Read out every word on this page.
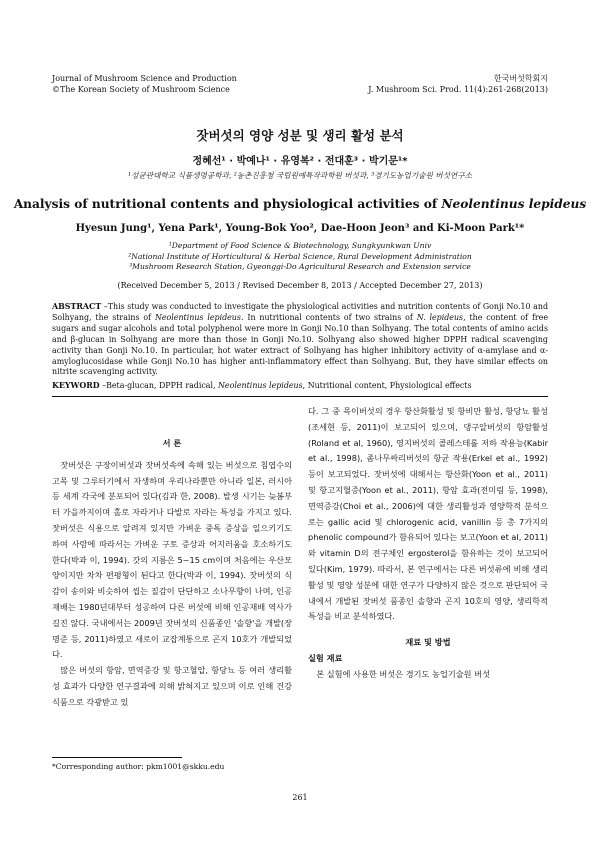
Journal of Mushroom Science and Production
©The Korean Society of Mushroom Science
한국버섯학회지
J. Mushroom Sci. Prod. 11(4):261-268(2013)
잣버섯의 영양 성분 및 생리 활성 분석
정혜선¹ · 박예나¹ · 유영복² · 전대훈³ · 박기문¹*
¹성균관대학교 식품생명공학과, ²농촌진흥청 국립원예특작과학원 버섯과, ³경기도농업기술원 버섯연구소
Analysis of nutritional contents and physiological activities of Neolentinus lepideus
Hyesun Jung¹, Yena Park¹, Young-Bok Yoo², Dae-Hoon Jeon³ and Ki-Moon Park¹*
¹Department of Food Science & Biotechnology, Sungkyunkwan Univ
²National Institute of Horticultural & Herbal Science, Rural Development Administration
³Mushroom Research Station, Gyeonggi-Do Agricultural Research and Extension service
(Received December 5, 2013 / Revised December 8, 2013 / Accepted December 27, 2013)
ABSTRACT –This study was conducted to investigate the physiological activities and nutrition contents of Gonji No.10 and Solhyang, the strains of Neolentinus lepideus. In nutritional contents of two strains of N. lepideus, the content of free sugars and sugar alcohols and total polyphenol were more in Gonji No.10 than Solhyang. The total contents of amino acids and β-glucan in Solhyang are more than those in Gonji No.10. Solhyang also showed higher DPPH radical scavenging activity than Gonji No.10. In particular, hot water extract of Solhyang has higher inhibitory activity of α-amylase and α-amyloglucosidase while Gonji No.10 has higher anti-inflammatory effect than Solhyang. But, they have similar effects on nitrite scavenging activity.
KEYWORD –Beta-glucan, DPPH radical, Neolentinus lepideus, Nutritional content, Physiological effects

서 론

잣버섯은 구장이버섯과 잣버섯속에 속해 있는 버섯으로 침엽수의 고목 및 그루터기에서 자생하며 우리나라뿐만 아니라 일본, 러시아 등 세계 각국에 분포되어 있다(김과 한, 2008). 발생 시기는 늦봄부터 가을까지이며 홀로 자라거나 다발로 자라는 특성을 가지고 있다. 잣버섯은 식용으로 알려져 있지만 가벼운 중독 증상을 일으키기도 하여 사람에 따라서는 가벼운 구토 증상과 어지러움을 호소하기도 한다(박과 이, 1994). 갓의 지름은 5~15 cm이며 처음에는 우산모양이지만 차차 편평형이 된다고 한다(박과 이, 1994). 잣버섯의 식감이 송이와 비슷하여 씹는 질감이 단단하고 소나무향이 나며, 인공재배는 1980년대부터 성공하여 다른 버섯에 비해 인공재배 역사가 길진 않다. 국내에서는 2009년 잣버섯의 신품종인 '솔향'을 개발(장명준 등, 2011)하였고 새로이 교잡계통으로 곤지 10호가 개발되었다.

많은 버섯의 항암, 면역증강 및 항고혈압, 항당뇨 등 여러 생리활성 효과가 다양한 연구결과에 의해 밝혀지고 있으며 이로 인해 건강식품으로 각광받고 있

다. 그 중 목이버섯의 경우 항산화활성 및 항비만 활성, 항당뇨 활성(조세현 등, 2011)이 보고되어 있으며, 댕구알버섯의 항암활성(Roland et al, 1960), 영지버섯의 콜레스테롤 저하 작용능(Kabir et al., 1998), 좀나무싸리버섯의 항균 작용(Erkel et al., 1992) 등이 보고되었다. 잣버섯에 대해서는 항산화(Yoon et al., 2011) 및 항고지혈증(Yoon et al., 2011), 항암 효과(전미림 등, 1998), 면역증강(Choi et al., 2006)에 대한 생리활성과 영양학적 분석으로는 gallic acid 및 chlorogenic acid, vanillin 등 총 7가지의 phenolic compound가 함유되어 있다는 보고(Yoon et al, 2011)와 vitamin D의 전구체인 ergosterol을 함유하는 것이 보고되어 있다(Kim, 1979). 따라서, 본 연구에서는 다른 버섯류에 비해 생리활성 및 영양 성분에 대한 연구가 다양하지 않은 것으로 판단되어 국내에서 개발된 잣버섯 품종인 솔향과 곤지 10호의 영양, 생리학적 특성을 비교 분석하였다.

재료 및 방법

실험 재료

본 실험에 사용한 버섯은 경기도 농업기술원 버섯

*Corresponding author: pkm1001@skku.edu
261
